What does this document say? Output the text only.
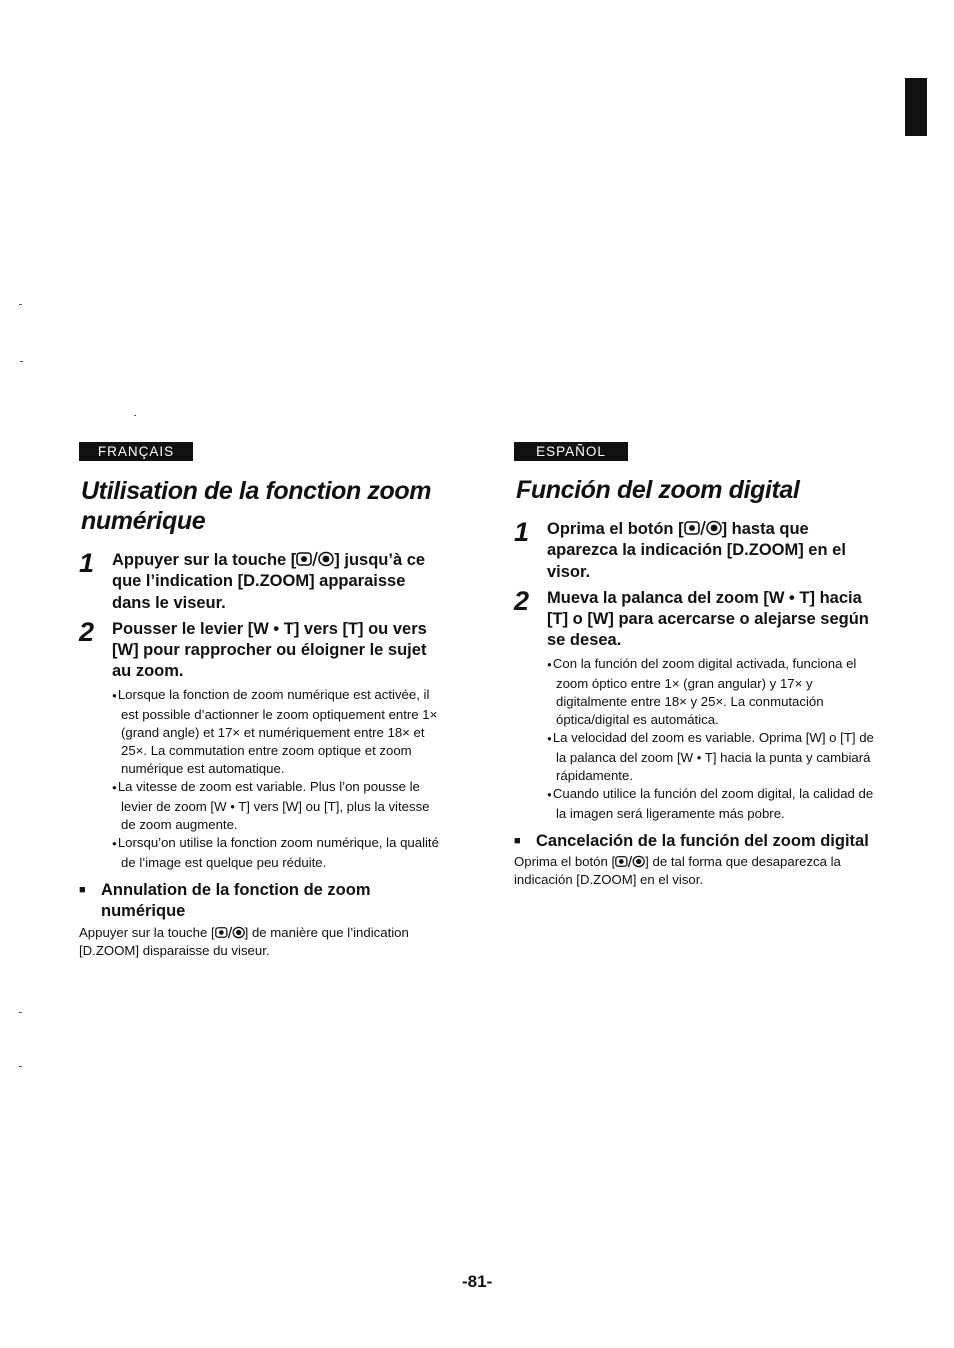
FRANÇAIS
Utilisation de la fonction zoom numérique
1	Appuyer sur la touche [ ] jusqu’à ce que l’indication [D.ZOOM] apparaisse dans le viseur.
2	Pousser le levier [W • T] vers [T] ou vers [W] pour rapprocher ou éloigner le sujet au zoom.
● Lorsque la fonction de zoom numérique est activée, il est possible d’actionner le zoom optiquement entre 1× (grand angle) et 17× et numériquement entre 18× et 25×. La commutation entre zoom optique et zoom numérique est automatique.
● La vitesse de zoom est variable. Plus l’on pousse le levier de zoom [W • T] vers [W] ou [T], plus la vitesse de zoom augmente.
● Lorsqu’on utilise la fonction zoom numérique, la qualité de l’image est quelque peu réduite.
■ Annulation de la fonction de zoom numérique
Appuyer sur la touche [ ] de manière que l’indication [D.ZOOM] disparaisse du viseur.
ESPAÑOL
Función del zoom digital
1	Oprima el botón [ ] hasta que aparezca la indicación [D.ZOOM] en el visor.
2	Mueva la palanca del zoom [W • T] hacia [T] o [W] para acercarse o alejarse según se desea.
● Con la función del zoom digital activada, funciona el zoom óptico entre 1× (gran angular) y 17× y digitalmente entre 18× y 25×. La conmutación óptica/digital es automática.
● La velocidad del zoom es variable. Oprima [W] o [T] de la palanca del zoom [W • T] hacia la punta y cambiará rápidamente.
● Cuando utilice la función del zoom digital, la calidad de la imagen será ligeramente más pobre.
■ Cancelación de la función del zoom digital
Oprima el botón [ ] de tal forma que desaparezca la indicación [D.ZOOM] en el visor.
-81-
